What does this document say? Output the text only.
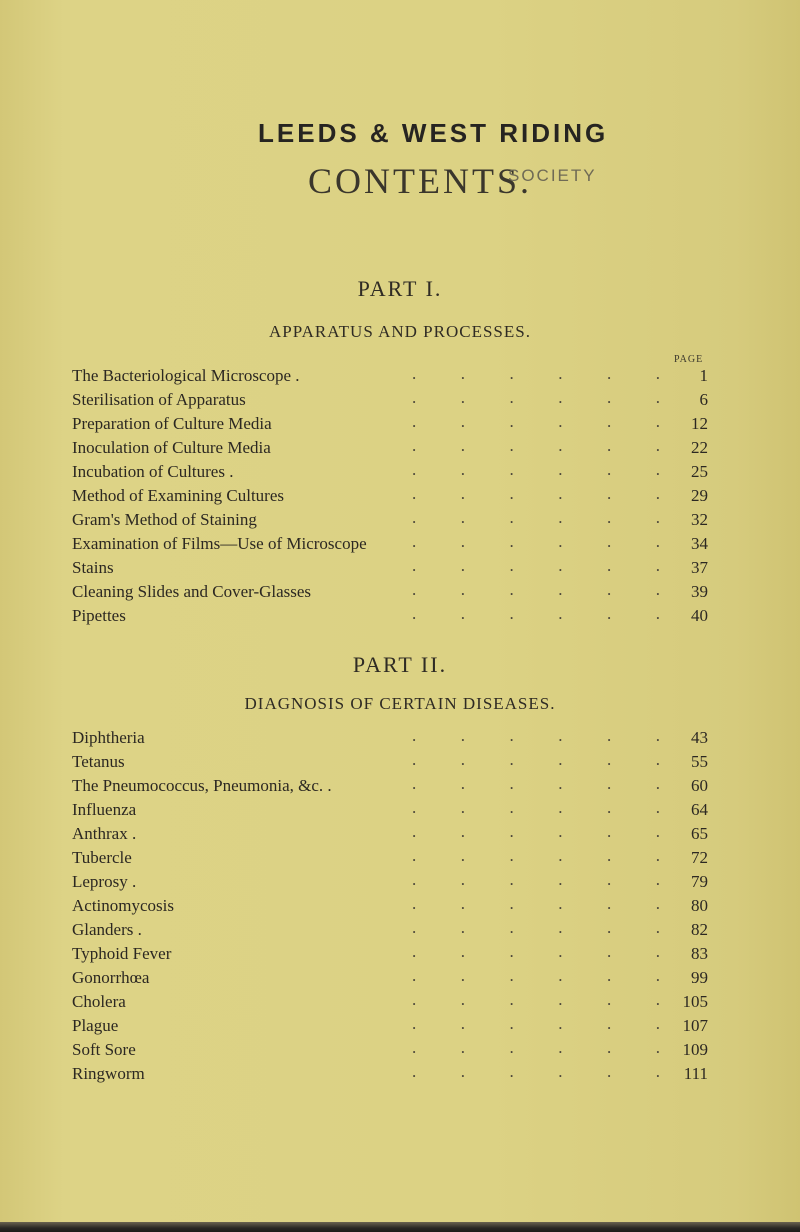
LEEDS & WEST RIDING
CONTENTS.
SOCIETY
PART I.
APPARATUS AND PROCESSES.
PAGE
The Bacteriological Microscope .	.	.	.	.	.	.	1
Sterilisation of Apparatus	.	.	.	.	.	.	6
Preparation of Culture Media	.	.	.	.	.	.	12
Inoculation of Culture Media	.	.	.	.	.	.	22
Incubation of Cultures .	.	.	.	.	.	.	25
Method of Examining Cultures	.	.	.	.	.	.	29
Gram's Method of Staining	.	.	.	.	.	.	32
Examination of Films—Use of Microscope	.	.	.	.	.	.	34
Stains	.	.	.	.	.	.	37
Cleaning Slides and Cover-Glasses	.	.	.	.	.	.	39
Pipettes	.	.	.	.	.	.	40
PART II.
DIAGNOSIS OF CERTAIN DISEASES.
Diphtheria	.	.	.	.	.	.	43
Tetanus	.	.	.	.	.	.	55
The Pneumococcus, Pneumonia, &c. .	.	.	.	.	.	.	60
Influenza	.	.	.	.	.	.	64
Anthrax .	.	.	.	.	.	.	65
Tubercle	.	.	.	.	.	.	72
Leprosy .	.	.	.	.	.	.	79
Actinomycosis	.	.	.	.	.	.	80
Glanders .	.	.	.	.	.	.	82
Typhoid Fever	.	.	.	.	.	.	83
Gonorrhœa	.	.	.	.	.	.	99
Cholera	.	.	.	.	.	.	105
Plague	.	.	.	.	.	.	107
Soft Sore	.	.	.	.	.	.	109
Ringworm	.	.	.	.	.	.	111
